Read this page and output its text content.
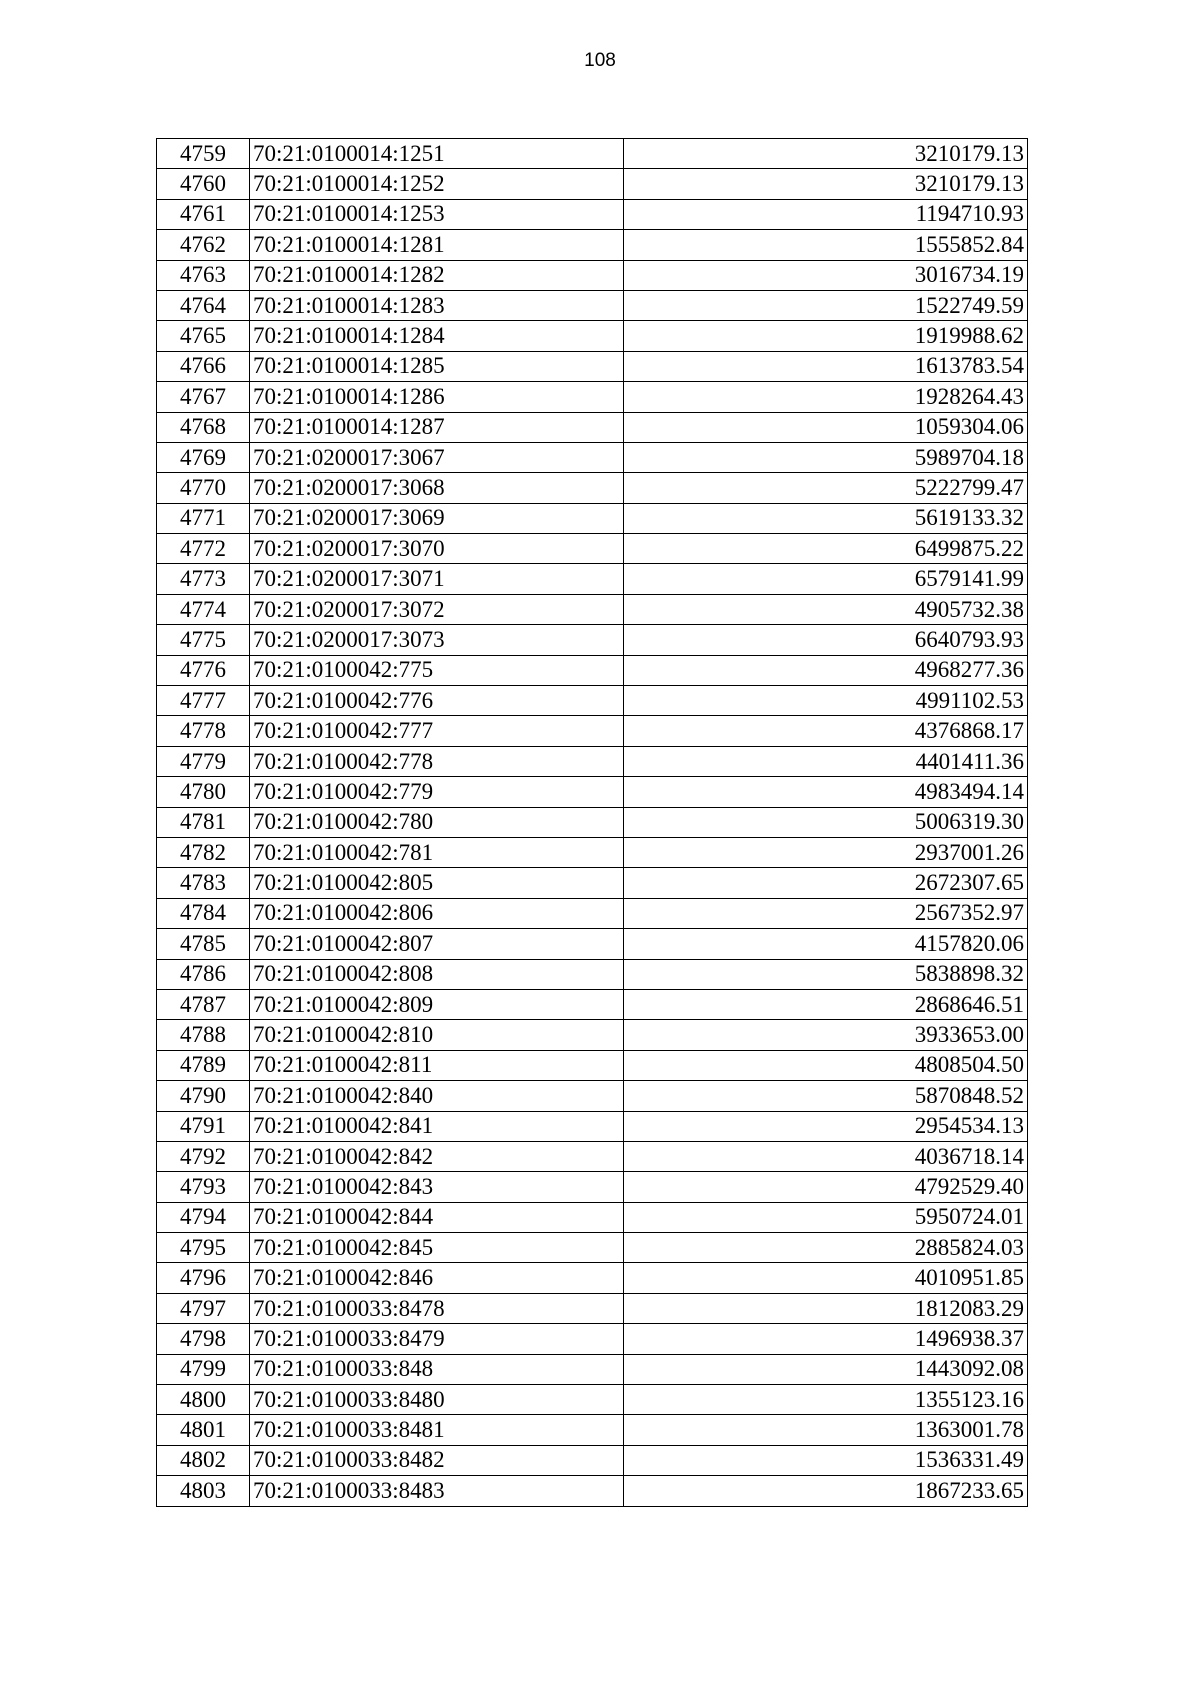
108
4759	70:21:0100014:1251	3210179.13
4760	70:21:0100014:1252	3210179.13
4761	70:21:0100014:1253	1194710.93
4762	70:21:0100014:1281	1555852.84
4763	70:21:0100014:1282	3016734.19
4764	70:21:0100014:1283	1522749.59
4765	70:21:0100014:1284	1919988.62
4766	70:21:0100014:1285	1613783.54
4767	70:21:0100014:1286	1928264.43
4768	70:21:0100014:1287	1059304.06
4769	70:21:0200017:3067	5989704.18
4770	70:21:0200017:3068	5222799.47
4771	70:21:0200017:3069	5619133.32
4772	70:21:0200017:3070	6499875.22
4773	70:21:0200017:3071	6579141.99
4774	70:21:0200017:3072	4905732.38
4775	70:21:0200017:3073	6640793.93
4776	70:21:0100042:775	4968277.36
4777	70:21:0100042:776	4991102.53
4778	70:21:0100042:777	4376868.17
4779	70:21:0100042:778	4401411.36
4780	70:21:0100042:779	4983494.14
4781	70:21:0100042:780	5006319.30
4782	70:21:0100042:781	2937001.26
4783	70:21:0100042:805	2672307.65
4784	70:21:0100042:806	2567352.97
4785	70:21:0100042:807	4157820.06
4786	70:21:0100042:808	5838898.32
4787	70:21:0100042:809	2868646.51
4788	70:21:0100042:810	3933653.00
4789	70:21:0100042:811	4808504.50
4790	70:21:0100042:840	5870848.52
4791	70:21:0100042:841	2954534.13
4792	70:21:0100042:842	4036718.14
4793	70:21:0100042:843	4792529.40
4794	70:21:0100042:844	5950724.01
4795	70:21:0100042:845	2885824.03
4796	70:21:0100042:846	4010951.85
4797	70:21:0100033:8478	1812083.29
4798	70:21:0100033:8479	1496938.37
4799	70:21:0100033:848	1443092.08
4800	70:21:0100033:8480	1355123.16
4801	70:21:0100033:8481	1363001.78
4802	70:21:0100033:8482	1536331.49
4803	70:21:0100033:8483	1867233.65
